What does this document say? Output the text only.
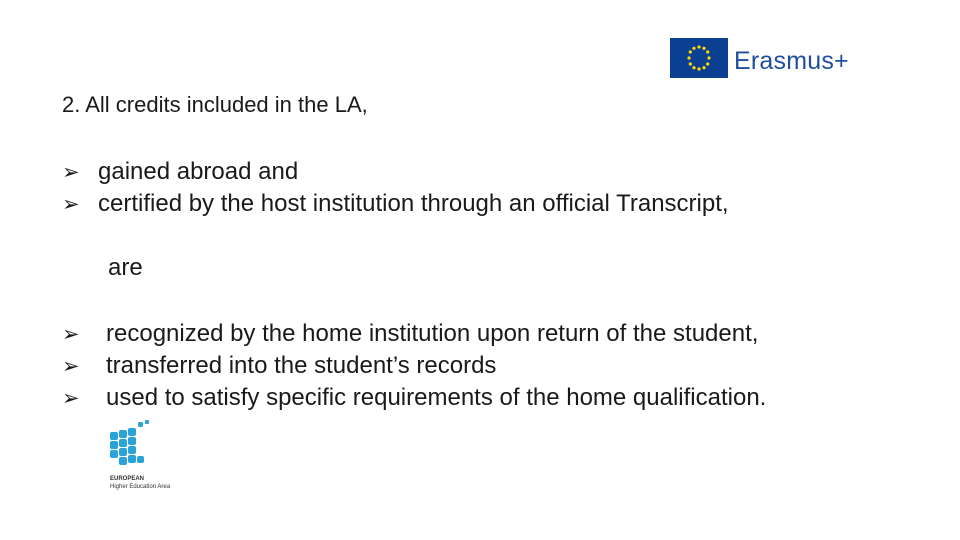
Erasmus+
2. All credits included in the LA,
➢ gained abroad and
➢ certified by the host institution through an official Transcript,
are
➢ recognized by the home institution upon return of the student,
➢ transferred into the student’s records
➢ used to satisfy specific requirements of the home qualification.
EUROPEAN
Higher Education Area
